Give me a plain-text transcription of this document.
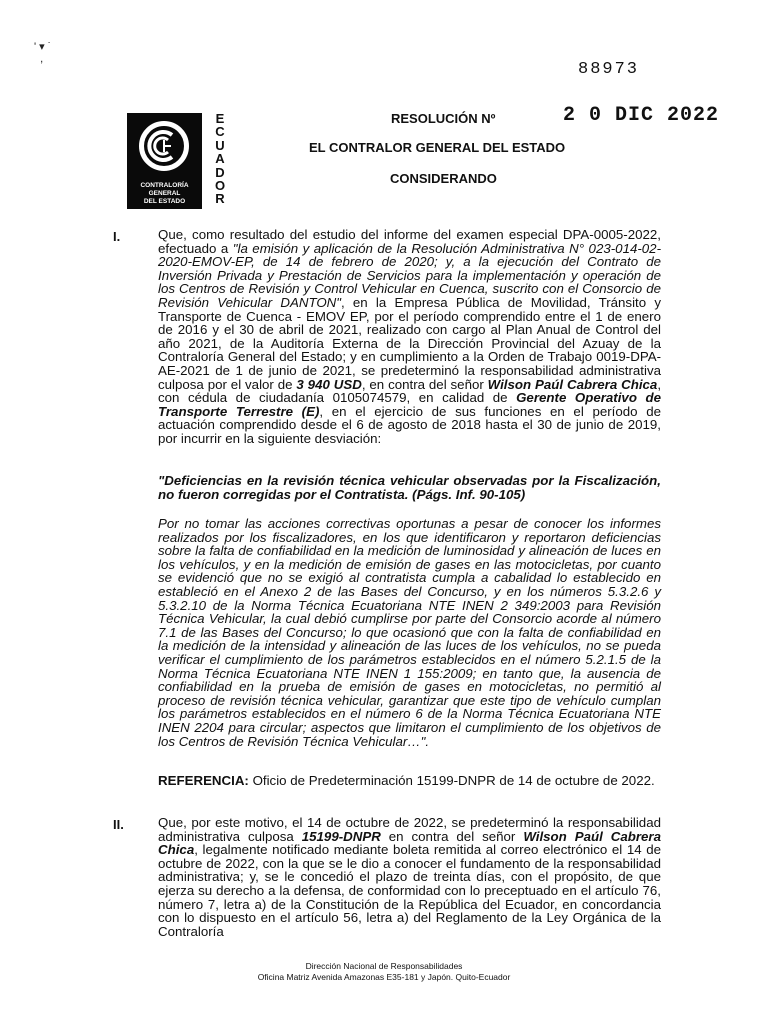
' ▾ ˙
,
88973
CONTRALORÍA
GENERAL
DEL ESTADO
E
C
U
A
D
O
R
RESOLUCIÓN Nº	2 0 DIC 2022
EL CONTRALOR GENERAL DEL ESTADO
CONSIDERANDO
I.	Que, como resultado del estudio del informe del examen especial DPA-0005-2022, efectuado a "la emisión y aplicación de la Resolución Administrativa N° 023-014-02-2020-EMOV-EP, de 14 de febrero de 2020; y, a la ejecución del Contrato de Inversión Privada y Prestación de Servicios para la implementación y operación de los Centros de Revisión y Control Vehicular en Cuenca, suscrito con el Consorcio de Revisión Vehicular DANTON", en la Empresa Pública de Movilidad, Tránsito y Transporte de Cuenca - EMOV EP, por el período comprendido entre el 1 de enero de 2016 y el 30 de abril de 2021, realizado con cargo al Plan Anual de Control del año 2021, de la Auditoría Externa de la Dirección Provincial del Azuay de la Contraloría General del Estado; y en cumplimiento a la Orden de Trabajo 0019-DPA-AE-2021 de 1 de junio de 2021, se predeterminó la responsabilidad administrativa culposa por el valor de 3 940 USD, en contra del señor Wilson Paúl Cabrera Chica, con cédula de ciudadanía 0105074579, en calidad de Gerente Operativo de Transporte Terrestre (E), en el ejercicio de sus funciones en el período de actuación comprendido desde el 6 de agosto de 2018 hasta el 30 de junio de 2019, por incurrir en la siguiente desviación:
"Deficiencias en la revisión técnica vehicular observadas por la Fiscalización, no fueron corregidas por el Contratista. (Págs. Inf. 90-105)
Por no tomar las acciones correctivas oportunas a pesar de conocer los informes realizados por los fiscalizadores, en los que identificaron y reportaron deficiencias sobre la falta de confiabilidad en la medición de luminosidad y alineación de luces en los vehículos, y en la medición de emisión de gases en las motocicletas, por cuanto se evidenció que no se exigió al contratista cumpla a cabalidad lo establecido en estableció en el Anexo 2 de las Bases del Concurso, y en los números 5.3.2.6 y 5.3.2.10 de la Norma Técnica Ecuatoriana NTE INEN 2 349:2003 para Revisión Técnica Vehicular, la cual debió cumplirse por parte del Consorcio acorde al número 7.1 de las Bases del Concurso; lo que ocasionó que con la falta de confiabilidad en la medición de la intensidad y alineación de las luces de los vehículos, no se pueda verificar el cumplimiento de los parámetros establecidos en el número 5.2.1.5 de la Norma Técnica Ecuatoriana NTE INEN 1 155:2009; en tanto que, la ausencia de confiabilidad en la prueba de emisión de gases en motocicletas, no permitió al proceso de revisión técnica vehicular, garantizar que este tipo de vehículo cumplan los parámetros establecidos en el número 6 de la Norma Técnica Ecuatoriana NTE INEN 2204 para circular; aspectos que limitaron el cumplimiento de los objetivos de los Centros de Revisión Técnica Vehicular…".
REFERENCIA: Oficio de Predeterminación 15199-DNPR de 14 de octubre de 2022.
II.	Que, por este motivo, el 14 de octubre de 2022, se predeterminó la responsabilidad administrativa culposa 15199-DNPR en contra del señor Wilson Paúl Cabrera Chica, legalmente notificado mediante boleta remitida al correo electrónico el 14 de octubre de 2022, con la que se le dio a conocer el fundamento de la responsabilidad administrativa; y, se le concedió el plazo de treinta días, con el propósito, de que ejerza su derecho a la defensa, de conformidad con lo preceptuado en el artículo 76, número 7, letra a) de la Constitución de la República del Ecuador, en concordancia con lo dispuesto en el artículo 56, letra a) del Reglamento de la Ley Orgánica de la Contraloría
Dirección Nacional de Responsabilidades
Oficina Matriz Avenida Amazonas E35-181 y Japón. Quito-Ecuador
